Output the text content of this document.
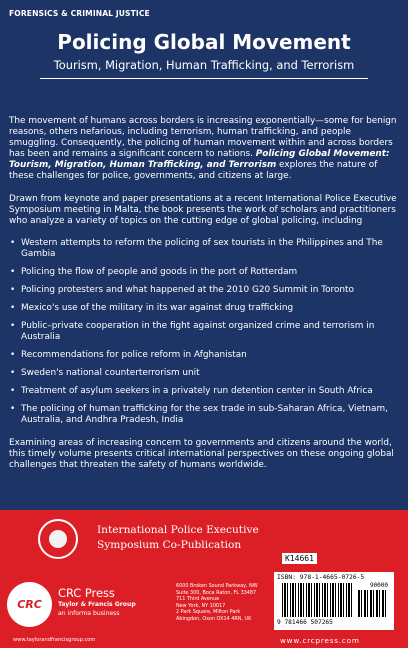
FORENSICS & CRIMINAL JUSTICE
Policing Global Movement
Tourism, Migration, Human Trafficking, and Terrorism

The movement of humans across borders is increasing exponentially—some for benign reasons, others nefarious, including terrorism, human trafficking, and people smuggling. Consequently, the policing of human movement within and across borders has been and remains a significant concern to nations. Policing Global Movement: Tourism, Migration, Human Trafficking, and Terrorism explores the nature of these challenges for police, governments, and citizens at large.

Drawn from keynote and paper presentations at a recent International Police Executive Symposium meeting in Malta, the book presents the work of scholars and practitioners who analyze a variety of topics on the cutting edge of global policing, including

• Western attempts to reform the policing of sex tourists in the Philippines and The Gambia
• Policing the flow of people and goods in the port of Rotterdam
• Policing protesters and what happened at the 2010 G20 Summit in Toronto
• Mexico's use of the military in its war against drug trafficking
• Public–private cooperation in the fight against organized crime and terrorism in Australia
• Recommendations for police reform in Afghanistan
• Sweden's national counterterrorism unit
• Treatment of asylum seekers in a privately run detention center in South Africa
• The policing of human trafficking for the sex trade in sub-Saharan Africa, Vietnam, Australia, and Andhra Pradesh, India

Examining areas of increasing concern to governments and citizens around the world, this timely volume presents critical international perspectives on these ongoing global challenges that threaten the safety of humans worldwide.

International Police Executive
Symposium Co-Publication
CRC
CRC Press
Taylor & Francis Group
an informa business
www.taylorandfrancisgroup.com
6000 Broken Sound Parkway, NW
Suite 300, Boca Raton, FL 33487
711 Third Avenue
New York, NY 10017
2 Park Square, Milton Park
Abingdon, Oxon OX14 4RN, UK
K14661
ISBN: 978-1-4665-0726-5
90000
9 781466 507265
www.crcpress.com
